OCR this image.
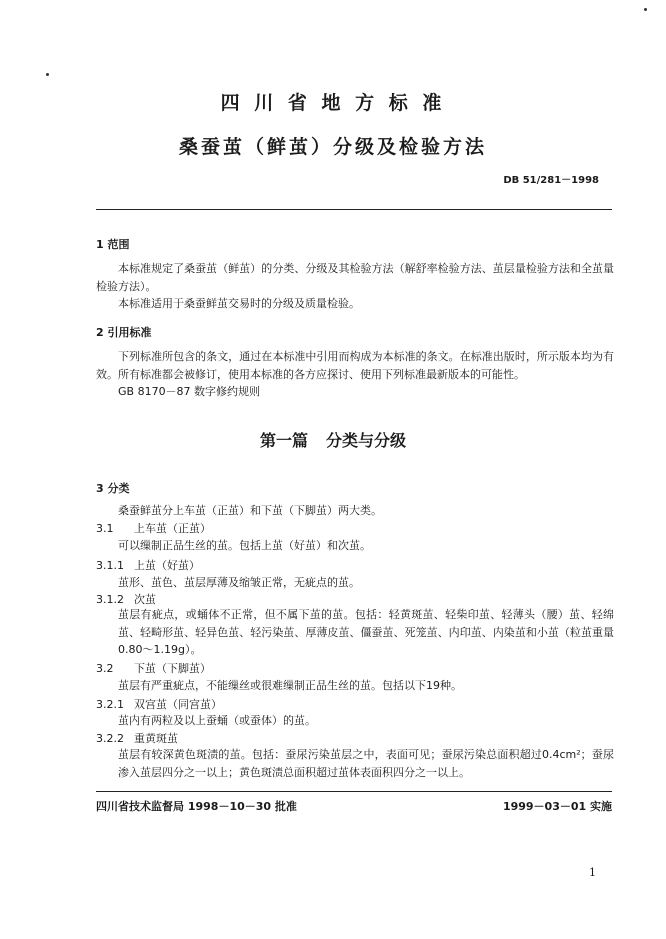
四 川 省 地 方 标 准
桑蚕茧（鲜茧）分级及检验方法
DB 51/281－1998
1 范围
本标准规定了桑蚕茧（鲜茧）的分类、分级及其检验方法（解舒率检验方法、茧层量检验方法和全茧量检验方法）。
本标准适用于桑蚕鲜茧交易时的分级及质量检验。
2 引用标准
下列标准所包含的条文，通过在本标准中引用而构成为本标准的条文。在标准出版时，所示版本均为有效。所有标准都会被修订，使用本标准的各方应探讨、使用下列标准最新版本的可能性。
GB 8170－87 数字修约规则
第一篇 分类与分级
3 分类
桑蚕鲜茧分上车茧（正茧）和下茧（下脚茧）两大类。
3.1 上车茧（正茧）
可以缫制正品生丝的茧。包括上茧（好茧）和次茧。
3.1.1 上茧（好茧）
茧形、茧色、茧层厚薄及缩皱正常，无疵点的茧。
3.1.2 次茧
茧层有疵点，或蛹体不正常，但不属下茧的茧。包括：轻黄斑茧、轻柴印茧、轻薄头（腰）茧、轻绵茧、轻畸形茧、轻异色茧、轻污染茧、厚薄皮茧、僵蚕茧、死笼茧、内印茧、内染茧和小茧（粒茧重量0.80～1.19g）。
3.2 下茧（下脚茧）
茧层有严重疵点，不能缫丝或很难缫制正品生丝的茧。包括以下19种。
3.2.1 双宫茧（同宫茧）
茧内有两粒及以上蚕蛹（或蚕体）的茧。
3.2.2 重黄斑茧
茧层有较深黄色斑渍的茧。包括：蚕尿污染茧层之中，表面可见；蚕尿污染总面积超过0.4cm²；蚕尿渗入茧层四分之一以上；黄色斑渍总面积超过茧体表面积四分之一以上。
四川省技术监督局 1998－10－30 批准	1999－03－01 实施
1
